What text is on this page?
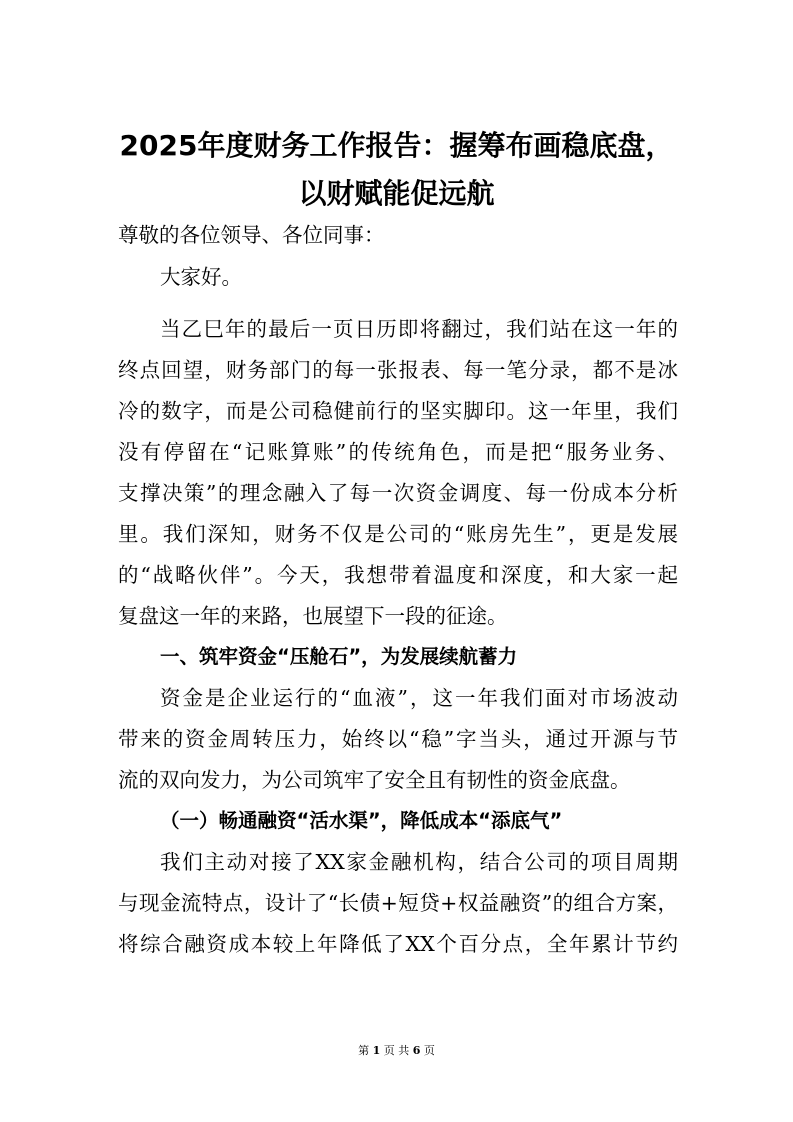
2025年度财务工作报告：握筹布画稳底盘，
以财赋能促远航
尊敬的各位领导、各位同事：
大家好。
当乙巳年的最后一页日历即将翻过，我们站在这一年的
终点回望，财务部门的每一张报表、每一笔分录，都不是冰
冷的数字，而是公司稳健前行的坚实脚印。这一年里，我们
没有停留在“记账算账”的传统角色，而是把“服务业务、
支撑决策”的理念融入了每一次资金调度、每一份成本分析
里。我们深知，财务不仅是公司的“账房先生”，更是发展
的“战略伙伴”。今天，我想带着温度和深度，和大家一起
复盘这一年的来路，也展望下一段的征途。
一、筑牢资金“压舱石”，为发展续航蓄力
资金是企业运行的“血液”，这一年我们面对市场波动
带来的资金周转压力，始终以“稳”字当头，通过开源与节
流的双向发力，为公司筑牢了安全且有韧性的资金底盘。
（一）畅通融资“活水渠”，降低成本“添底气”
我们主动对接了XX家金融机构，结合公司的项目周期
与现金流特点，设计了“长债+短贷+权益融资”的组合方案，
将综合融资成本较上年降低了XX个百分点，全年累计节约
第 1 页 共 6 页
